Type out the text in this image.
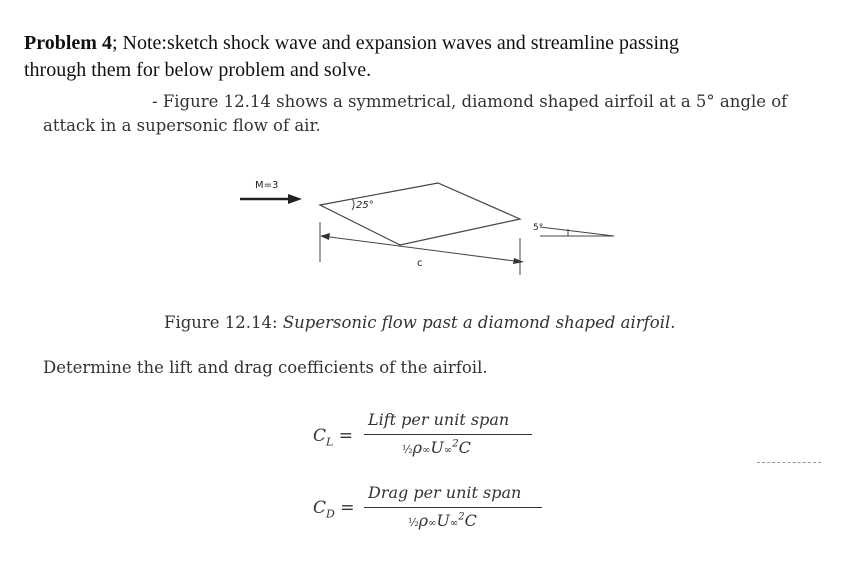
Problem 4; Note:sketch shock wave and expansion waves and streamline passing
through them for below problem and solve.
- Figure 12.14 shows a symmetrical, diamond shaped airfoil at a 5° angle of
attack in a supersonic flow of air.
M=3
25°
5°
c
Figure 12.14: Supersonic flow past a diamond shaped airfoil.
Determine the lift and drag coefficients of the airfoil.
$C_L$ =
Lift per unit span
½ρ∞U∞$^2$C
$C_D$ =
Drag per unit span
½ρ∞U∞$^2$C
